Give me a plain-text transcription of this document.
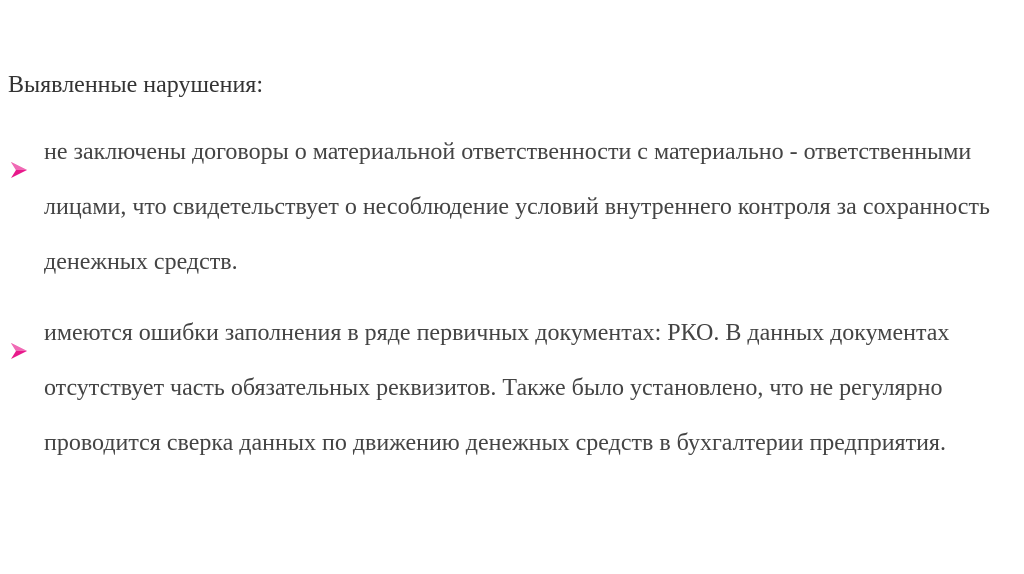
Выявленные нарушения:

не заключены договоры о материальной ответственности с материально - ответственными лицами, что свидетельствует о несоблюдение условий внутреннего контроля за сохранность денежных средств.
имеются ошибки заполнения в ряде первичных документах: РКО. В данных документах отсутствует часть обязательных реквизитов. Также было установлено, что не регулярно проводится сверка данных по движению денежных средств в бухгалтерии предприятия.
